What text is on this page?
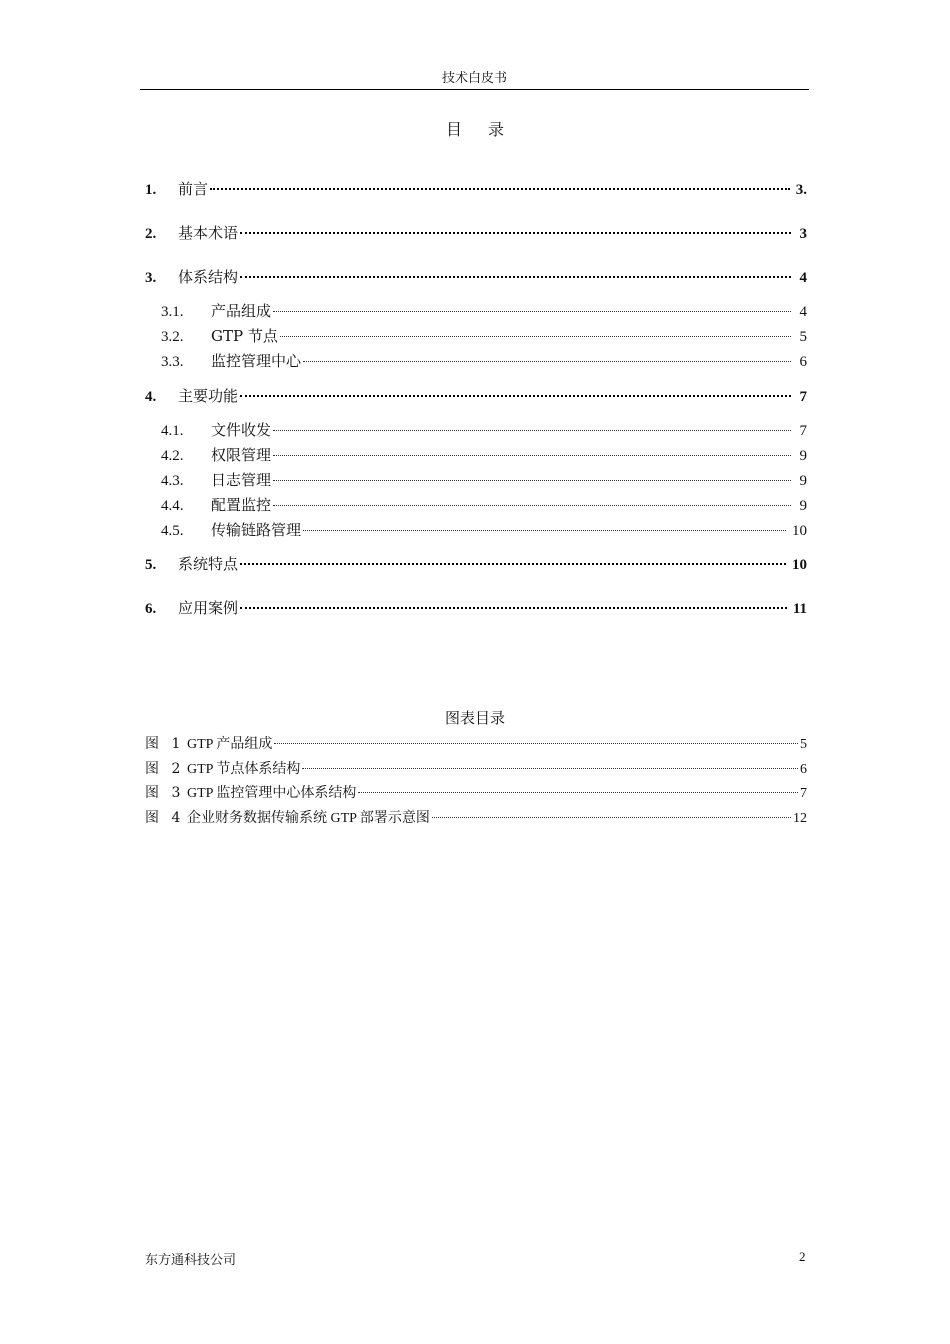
技术白皮书
目录
1.	前言	3.
2.	基本术语	3
3.	体系结构	4
3.1.	产品组成	4
3.2.	GTP 节点	5
3.3.	监控管理中心	6
4.	主要功能	7
4.1.	文件收发	7
4.2.	权限管理	9
4.3.	日志管理	9
4.4.	配置监控	9
4.5.	传输链路管理	10
5.	系统特点	10
6.	应用案例	11
图表目录
图 1 GTP 产品组成	5
图 2 GTP 节点体系结构	6
图 3 GTP 监控管理中心体系结构	7
图 4 企业财务数据传输系统 GTP 部署示意图	12
东方通科技公司	2
